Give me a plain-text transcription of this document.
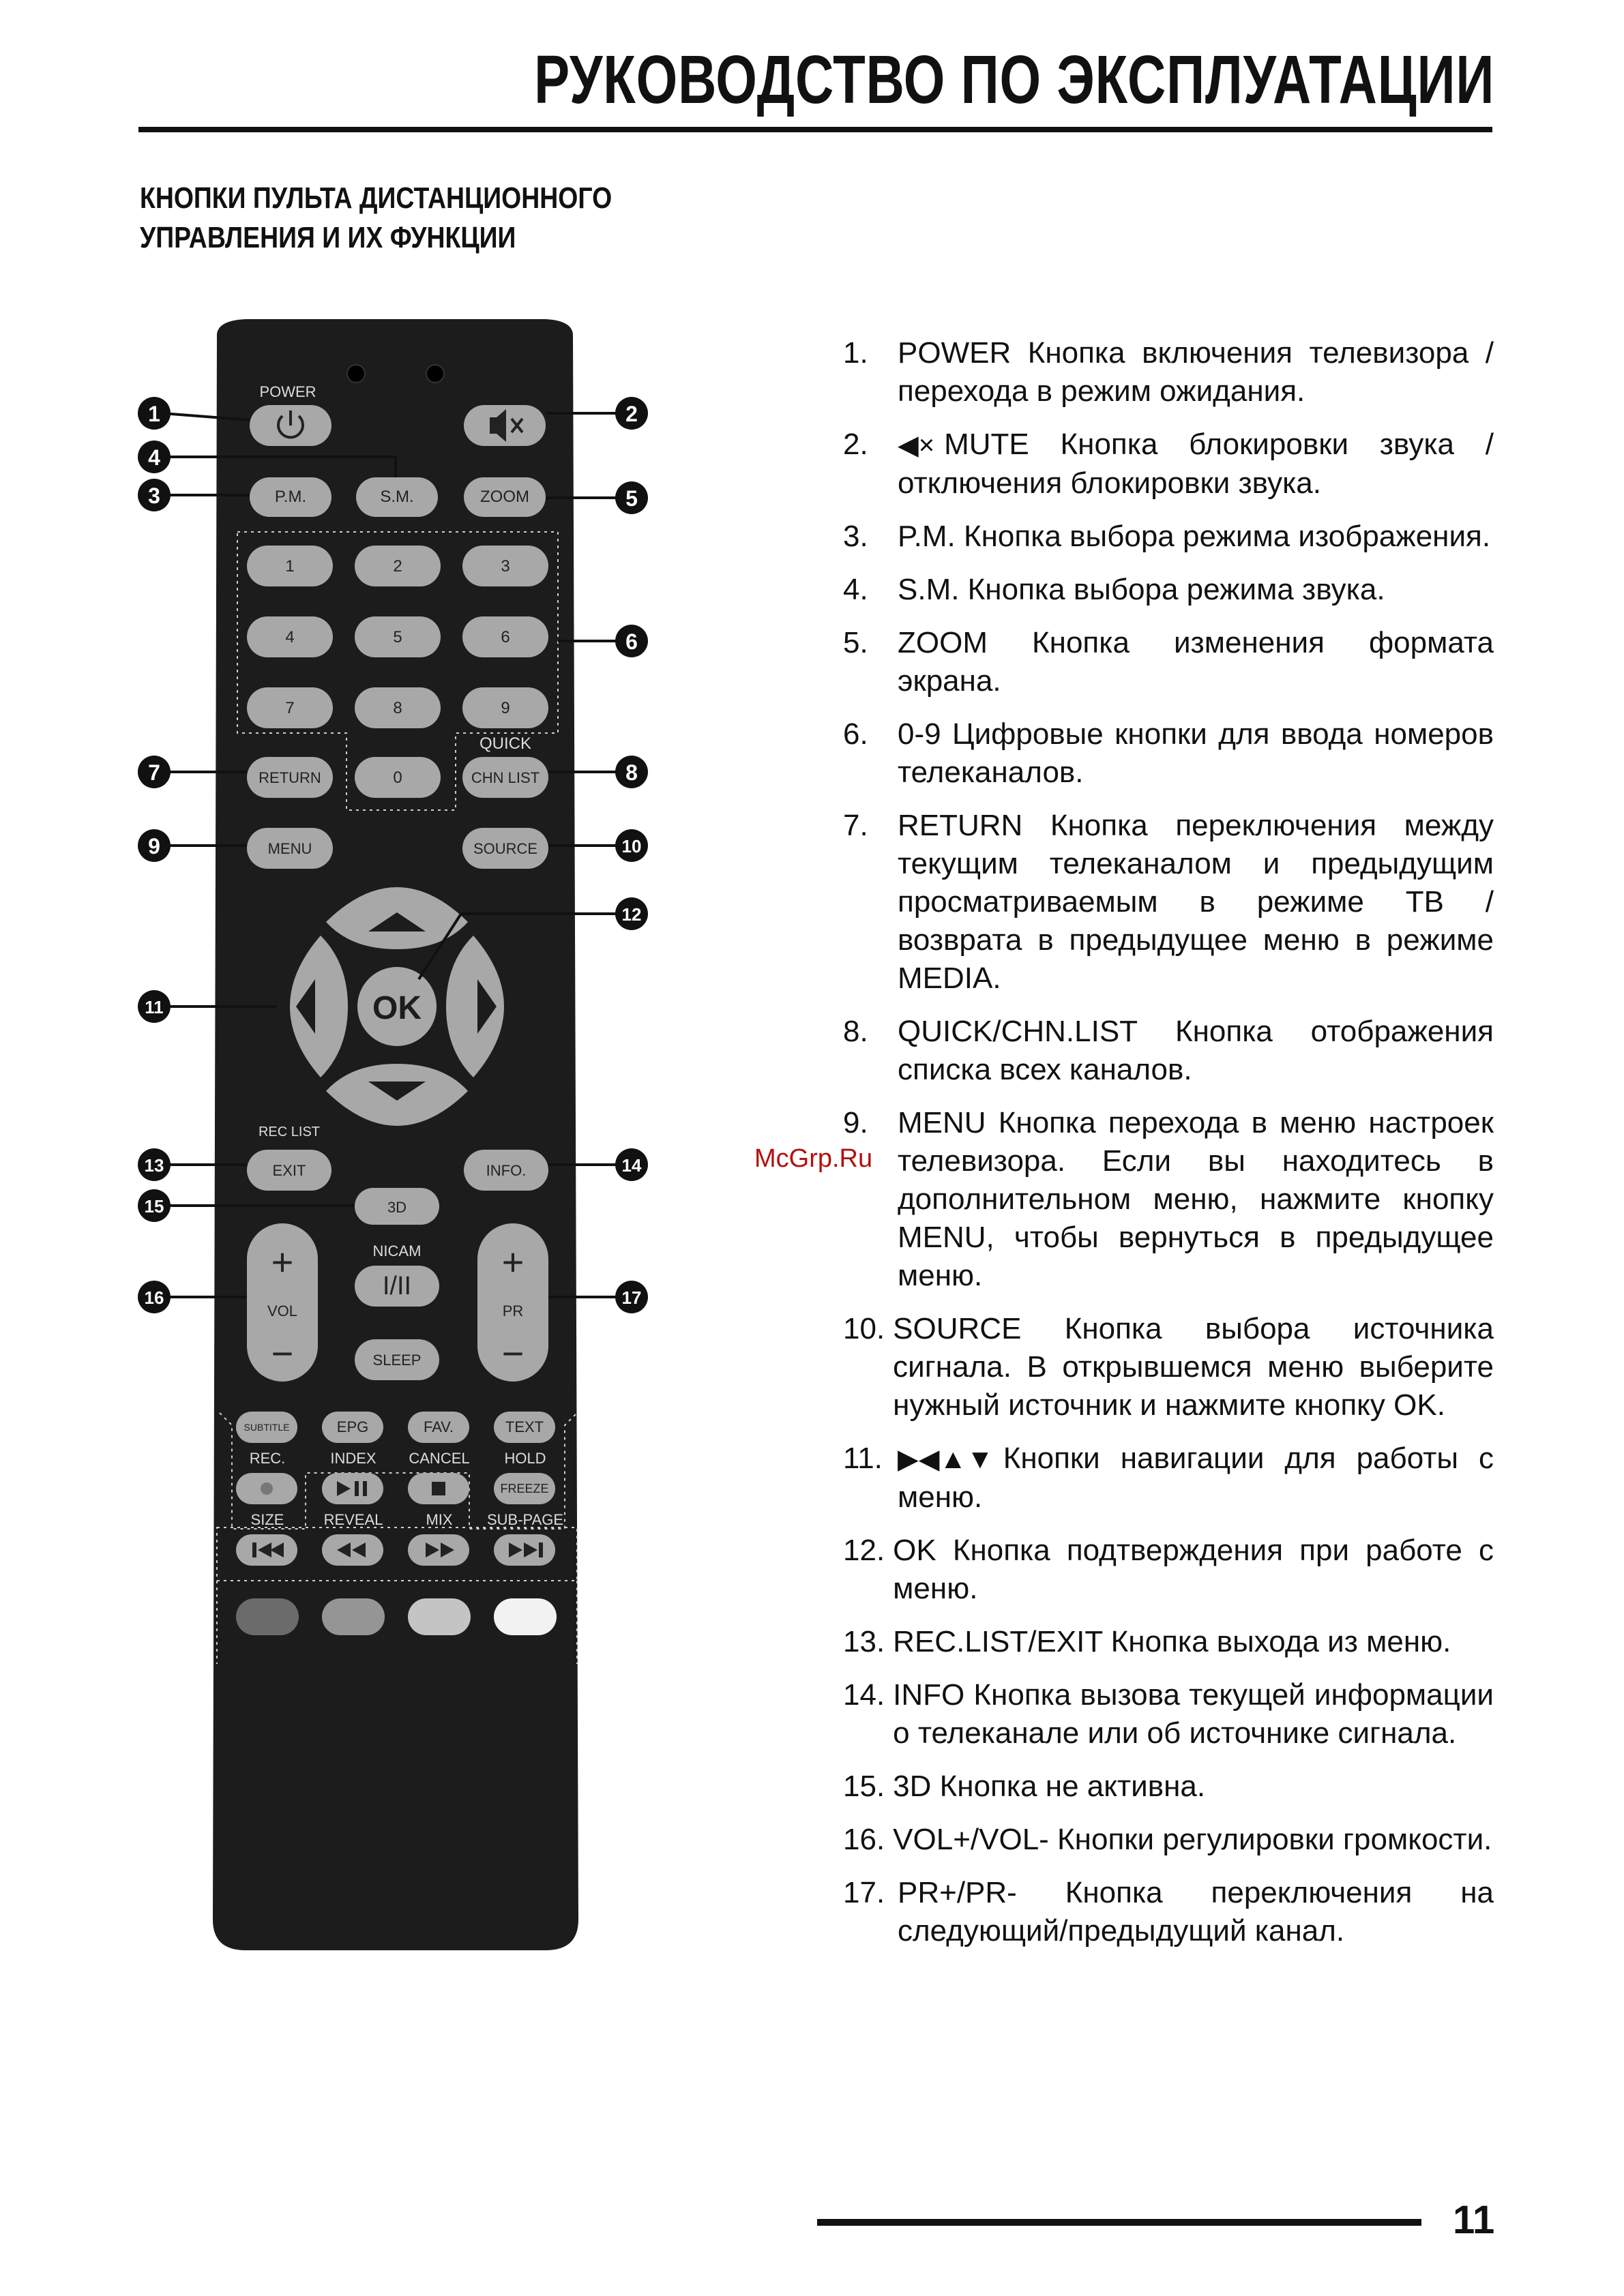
РУКОВОДСТВО ПО ЭКСПЛУАТАЦИИ
КНОПКИ ПУЛЬТА ДИСТАНЦИОННОГО
УПРАВЛЕНИЯ И ИХ ФУНКЦИИ
McGrp.Ru
POWER
P.M.	S.M.	ZOOM
1	2	3
4	5	6
7	8	9
0
RETURN
QUICK
CHN LIST
MENU	SOURCE
OK
REC LIST
EXIT	INFO.
3D
+
VOL
−
+
PR
−
NICAM
I/II
SLEEP
SUBTITLE	EPG	FAV.	TEXT
REC.	INDEX CANCEL HOLD
FREEZE
SIZE	REVEAL	MIX SUB-PAGE
1	2
3
4
5
6
7	8
9	10
11
12
13	14
15
16	17
1. POWER Кнопка включения телевизора / перехода в режим ожидания.
2.	◀× MUTE Кнопка блокировки звука / отключения блокировки звука.
3. P.M. Кнопка выбора режима изображения.
4. S.M. Кнопка выбора режима звука.
5. ZOOM Кнопка изменения формата экрана.
6. 0-9 Цифровые кнопки для ввода номеров телеканалов.
7. RETURN Кнопка переключения между текущим телеканалом и предыдущим просматриваемым в режиме ТВ / возврата в предыдущее меню в режиме MEDIA.
8. QUICK/CHN.LIST Кнопка отображения списка всех каналов.
9. MENU Кнопка перехода в меню настроек телевизора. Если вы находитесь в дополнительном меню, нажмите кнопку MENU, чтобы вернуться в предыдущее меню.
10. SOURCE Кнопка выбора источника сигнала. В открывшемся меню выберите нужный источник и нажмите кнопку OK.
11. ▶◀▲▼ Кнопки навигации для работы с меню.
12. OK Кнопка подтверждения при работе с меню.
13. REC.LIST/EXIT Кнопка выхода из меню.
14. INFO Кнопка вызова текущей информации о телеканале или об источнике сигнала.
15. 3D Кнопка не активна.
16. VOL+/VOL- Кнопки регулировки громкости.
17. PR+/PR- Кнопка переключения на следующий/предыдущий канал.
11
